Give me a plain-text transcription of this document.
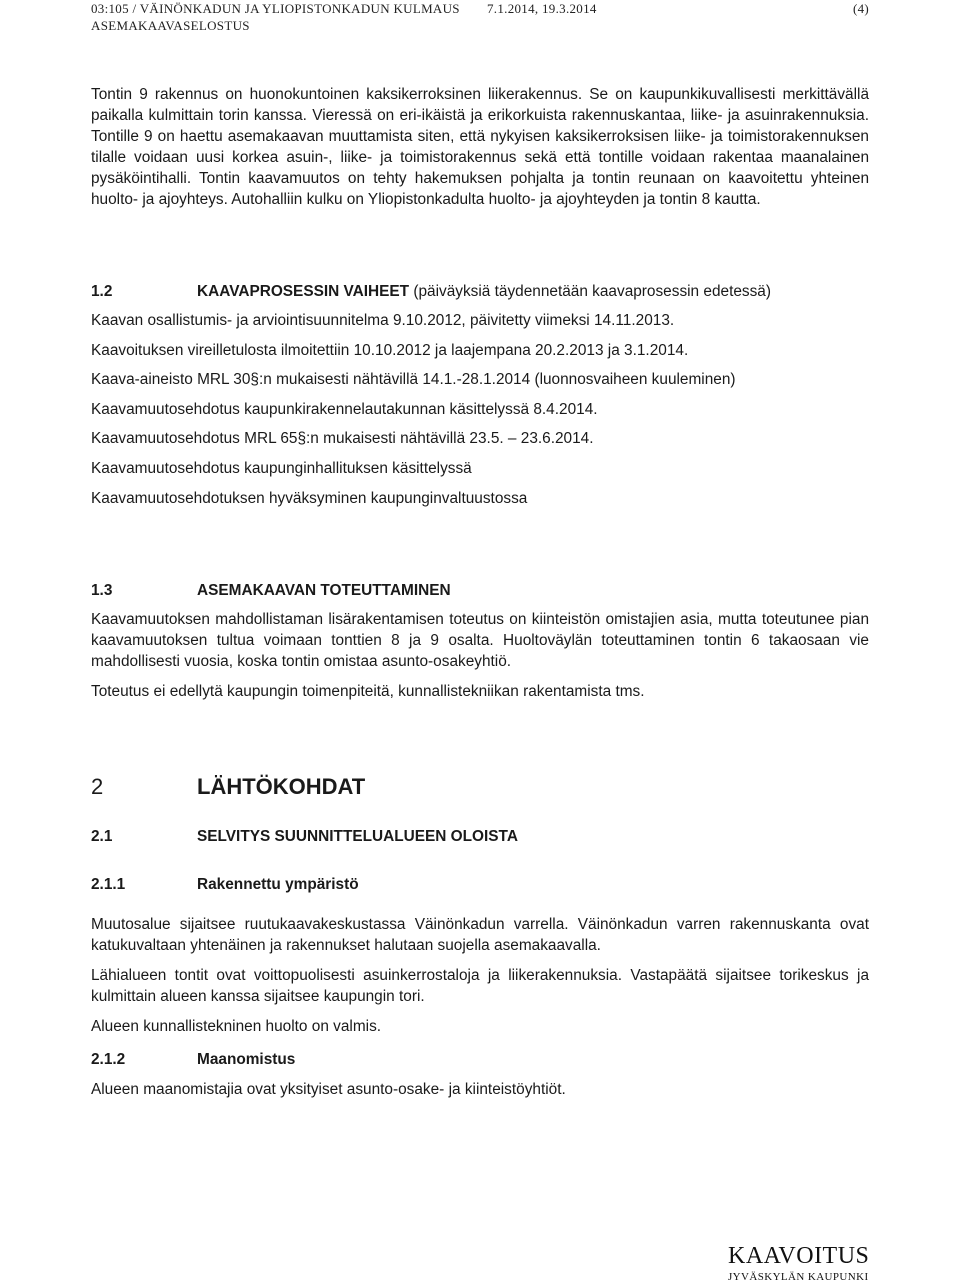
03:105 / VÄINÖNKADUN JA YLIOPISTONKADUN KULMAUS	7.1.2014, 19.3.2014	(4)
ASEMAKAAVASELOSTUS

Tontin 9 rakennus on huonokuntoinen kaksikerroksinen liikerakennus. Se on kaupunkikuvallisesti merkittävällä paikalla kulmittain torin kanssa. Vieressä on eri-ikäistä ja erikorkuista rakennuskantaa, liike- ja asuinrakennuksia. Tontille 9 on haettu asemakaavan muuttamista siten, että nykyisen kaksikerroksisen liike- ja toimistorakennuksen tilalle voidaan uusi korkea asuin-, liike- ja toimistorakennus sekä että tontille voidaan rakentaa maanalainen pysäköintihalli. Tontin kaavamuutos on tehty hakemuksen pohjalta ja tontin reunaan on kaavoitettu yhteinen huolto- ja ajoyhteys. Autohalliin kulku on Yliopistonkadulta huolto- ja ajoyhteyden ja tontin 8 kautta.

1.2	KAAVAPROSESSIN VAIHEET (päiväyksiä täydennetään kaavaprosessin edetessä)

Kaavan osallistumis- ja arviointisuunnitelma 9.10.2012, päivitetty viimeksi 14.11.2013.

Kaavoituksen vireilletulosta ilmoitettiin 10.10.2012 ja laajempana 20.2.2013 ja 3.1.2014.

Kaava-aineisto MRL 30§:n mukaisesti nähtävillä 14.1.-28.1.2014 (luonnosvaiheen kuuleminen)

Kaavamuutosehdotus kaupunkirakennelautakunnan käsittelyssä 8.4.2014.

Kaavamuutosehdotus MRL 65§:n mukaisesti nähtävillä 23.5. – 23.6.2014.

Kaavamuutosehdotus kaupunginhallituksen käsittelyssä

Kaavamuutosehdotuksen hyväksyminen kaupunginvaltuustossa

1.3	ASEMAKAAVAN TOTEUTTAMINEN

Kaavamuutoksen mahdollistaman lisärakentamisen toteutus on kiinteistön omistajien asia, mutta toteutunee pian kaavamuutoksen tultua voimaan tonttien 8 ja 9 osalta. Huoltoväylän toteuttaminen tontin 6 takaosaan vie mahdollisesti vuosia, koska tontin omistaa asunto-osakeyhtiö.

Toteutus ei edellytä kaupungin toimenpiteitä, kunnallistekniikan rakentamista tms.

2	LÄHTÖKOHDAT
2.1	SELVITYS SUUNNITTELUALUEEN OLOISTA
2.1.1	Rakennettu ympäristö

Muutosalue sijaitsee ruutukaavakeskustassa Väinönkadun varrella. Väinönkadun varren rakennuskanta ovat katukuvaltaan yhtenäinen ja rakennukset halutaan suojella asemakaavalla.

Lähialueen tontit ovat voittopuolisesti asuinkerrostaloja ja liikerakennuksia. Vastapäätä sijaitsee torikeskus ja kulmittain alueen kanssa sijaitsee kaupungin tori.

Alueen kunnallistekninen huolto on valmis.

2.1.2	Maanomistus

Alueen maanomistajia ovat yksityiset asunto-osake- ja kiinteistöyhtiöt.

KAAVOITUS
JYVÄSKYLÄN KAUPUNKI
